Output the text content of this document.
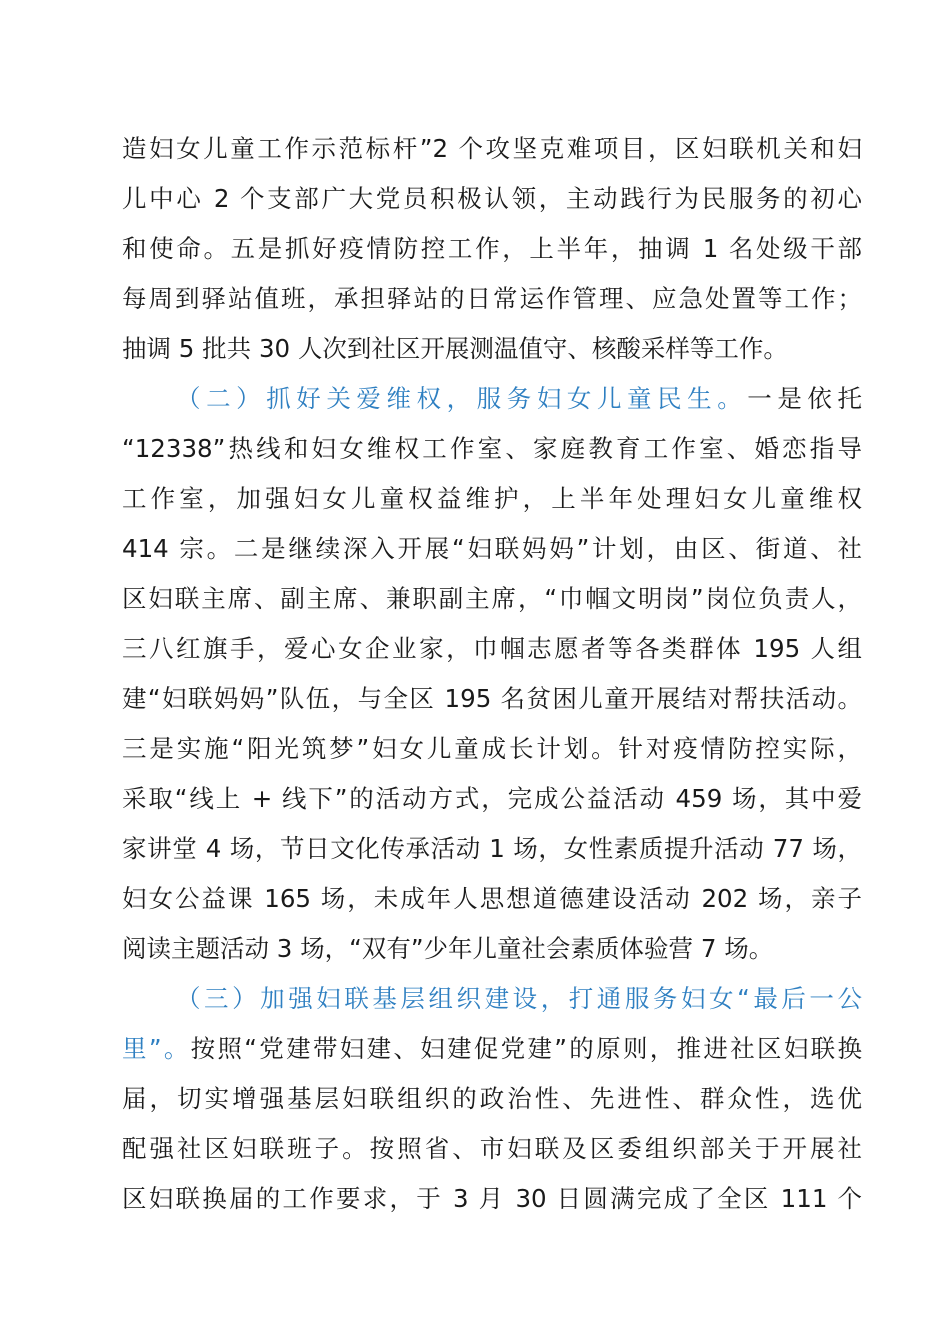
造妇女儿童工作示范标杆”2 个攻坚克难项目，区妇联机关和妇
儿中心 2 个支部广大党员积极认领，主动践行为民服务的初心
和使命。五是抓好疫情防控工作，上半年，抽调 1 名处级干部
每周到驿站值班，承担驿站的日常运作管理、应急处置等工作；
抽调 5 批共 30 人次到社区开展测温值守、核酸采样等工作。
（二）抓好关爱维权，服务妇女儿童民生。一是依托
“12338”热线和妇女维权工作室、家庭教育工作室、婚恋指导
工作室，加强妇女儿童权益维护，上半年处理妇女儿童维权
414 宗。二是继续深入开展“妇联妈妈”计划，由区、街道、社
区妇联主席、副主席、兼职副主席，“巾帼文明岗”岗位负责人，
三八红旗手，爱心女企业家，巾帼志愿者等各类群体 195 人组
建“妇联妈妈”队伍，与全区 195 名贫困儿童开展结对帮扶活动。
三是实施“阳光筑梦”妇女儿童成长计划。针对疫情防控实际，
采取“线上 + 线下”的活动方式，完成公益活动 459 场，其中爱
家讲堂 4 场，节日文化传承活动 1 场，女性素质提升活动 77 场，
妇女公益课 165 场，未成年人思想道德建设活动 202 场，亲子
阅读主题活动 3 场，“双有”少年儿童社会素质体验营 7 场。
（三）加强妇联基层组织建设，打通服务妇女“最后一公
里”。按照“党建带妇建、妇建促党建”的原则，推进社区妇联换
届，切实增强基层妇联组织的政治性、先进性、群众性，选优
配强社区妇联班子。按照省、市妇联及区委组织部关于开展社
区妇联换届的工作要求，于 3 月 30 日圆满完成了全区 111 个
